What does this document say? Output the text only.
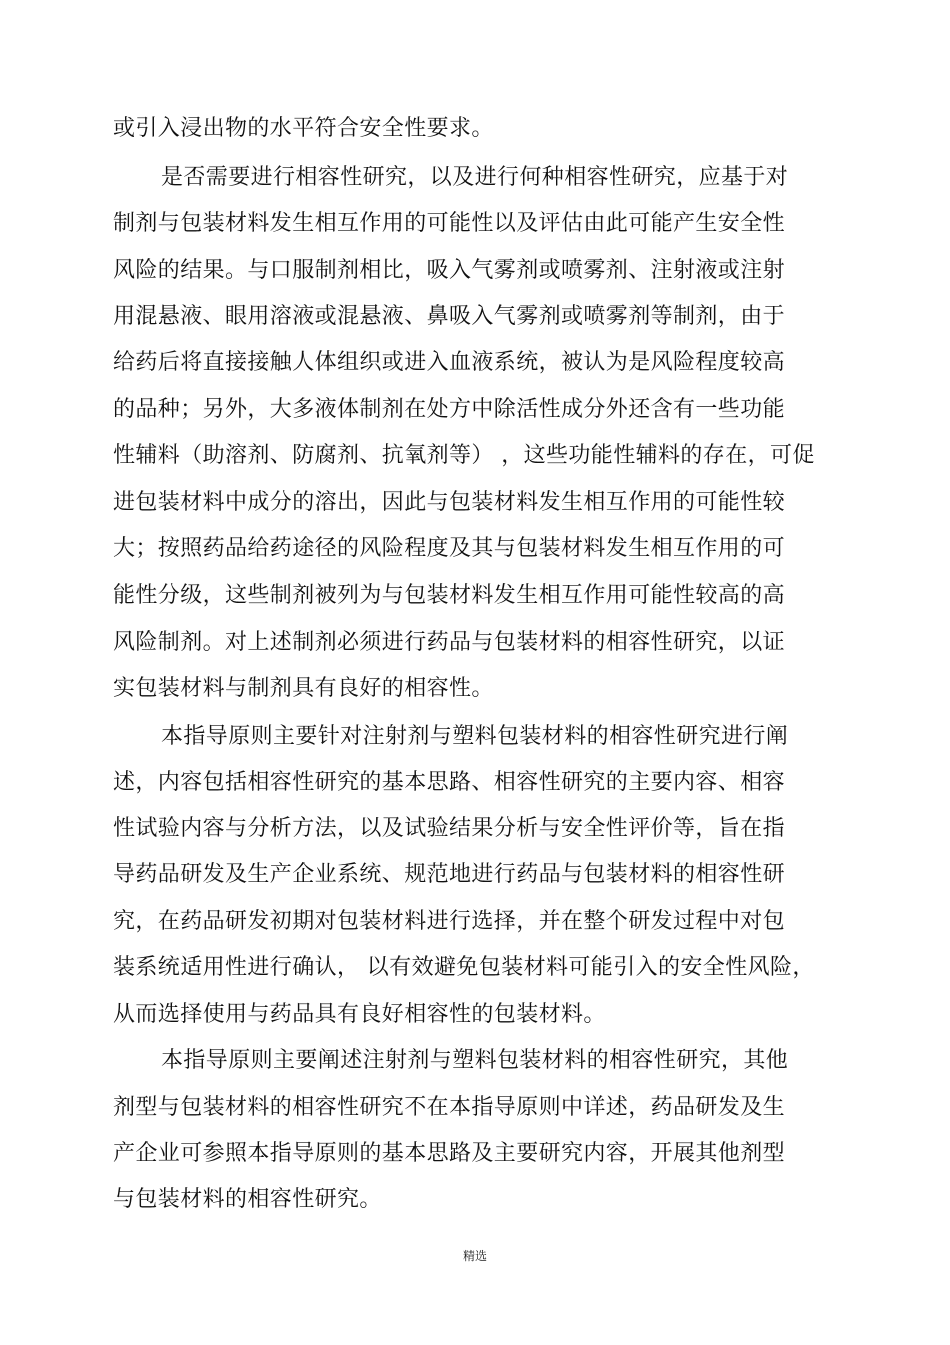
或引入浸出物的水平符合安全性要求。
是否需要进行相容性研究，以及进行何种相容性研究，应基于对
制剂与包装材料发生相互作用的可能性以及评估由此可能产生安全性
风险的结果。与口服制剂相比，吸入气雾剂或喷雾剂、注射液或注射
用混悬液、眼用溶液或混悬液、鼻吸入气雾剂或喷雾剂等制剂，由于
给药后将直接接触人体组织或进入血液系统，被认为是风险程度较高
的品种；另外，大多液体制剂在处方中除活性成分外还含有一些功能
性辅料（助溶剂、防腐剂、抗氧剂等） ，这些功能性辅料的存在，可促
进包装材料中成分的溶出，因此与包装材料发生相互作用的可能性较
大；按照药品给药途径的风险程度及其与包装材料发生相互作用的可
能性分级，这些制剂被列为与包装材料发生相互作用可能性较高的高
风险制剂。对上述制剂必须进行药品与包装材料的相容性研究，以证
实包装材料与制剂具有良好的相容性。
本指导原则主要针对注射剂与塑料包装材料的相容性研究进行阐
述，内容包括相容性研究的基本思路、相容性研究的主要内容、相容
性试验内容与分析方法，以及试验结果分析与安全性评价等，旨在指
导药品研发及生产企业系统、规范地进行药品与包装材料的相容性研
究，在药品研发初期对包装材料进行选择，并在整个研发过程中对包
装系统适用性进行确认， 以有效避免包装材料可能引入的安全性风险，
从而选择使用与药品具有良好相容性的包装材料。
本指导原则主要阐述注射剂与塑料包装材料的相容性研究，其他
剂型与包装材料的相容性研究不在本指导原则中详述，药品研发及生
产企业可参照本指导原则的基本思路及主要研究内容，开展其他剂型
与包装材料的相容性研究。
精选
